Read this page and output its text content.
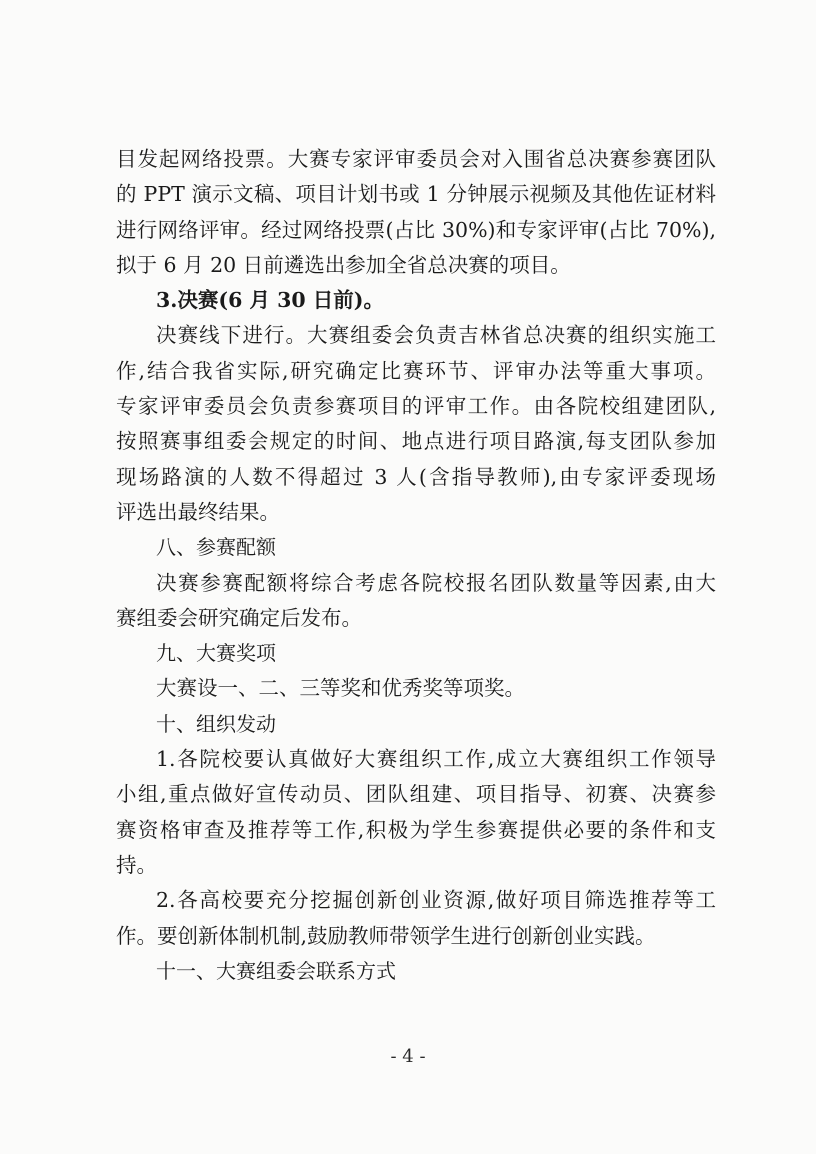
目发起网络投票。大赛专家评审委员会对入围省总决赛参赛团队
的 PPT 演示文稿、项目计划书或 1 分钟展示视频及其他佐证材料
进行网络评审。经过网络投票(占比 30%)和专家评审(占比 70%),
拟于 6 月 20 日前遴选出参加全省总决赛的项目。
3.决赛(6 月 30 日前)。
决赛线下进行。大赛组委会负责吉林省总决赛的组织实施工
作,结合我省实际,研究确定比赛环节、评审办法等重大事项。
专家评审委员会负责参赛项目的评审工作。由各院校组建团队,
按照赛事组委会规定的时间、地点进行项目路演,每支团队参加
现场路演的人数不得超过 3 人(含指导教师),由专家评委现场
评选出最终结果。
八、参赛配额
决赛参赛配额将综合考虑各院校报名团队数量等因素,由大
赛组委会研究确定后发布。
九、大赛奖项
大赛设一、二、三等奖和优秀奖等项奖。
十、组织发动
1.各院校要认真做好大赛组织工作,成立大赛组织工作领导
小组,重点做好宣传动员、团队组建、项目指导、初赛、决赛参
赛资格审查及推荐等工作,积极为学生参赛提供必要的条件和支
持。
2.各高校要充分挖掘创新创业资源,做好项目筛选推荐等工
作。要创新体制机制,鼓励教师带领学生进行创新创业实践。
十一、大赛组委会联系方式
- 4 -
